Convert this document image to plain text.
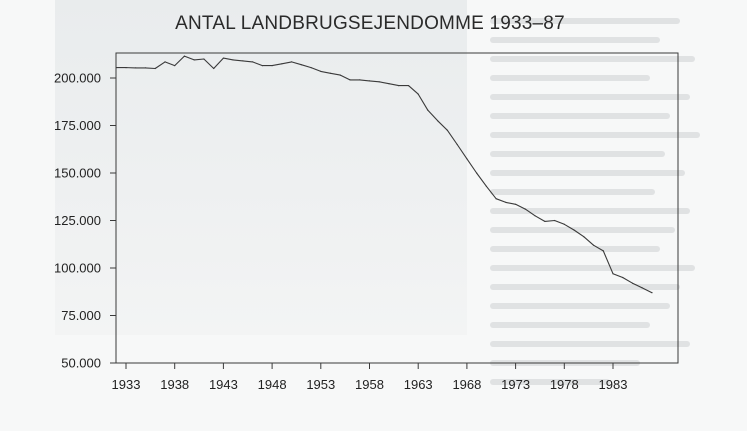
ANTAL LANDBRUGSEJENDOMME 1933–87
50.000
75.000
100.000
125.000
150.000
175.000
200.000
1933 1938 1943 1948 1953 1958 1963 1968 1973 1978 1983
